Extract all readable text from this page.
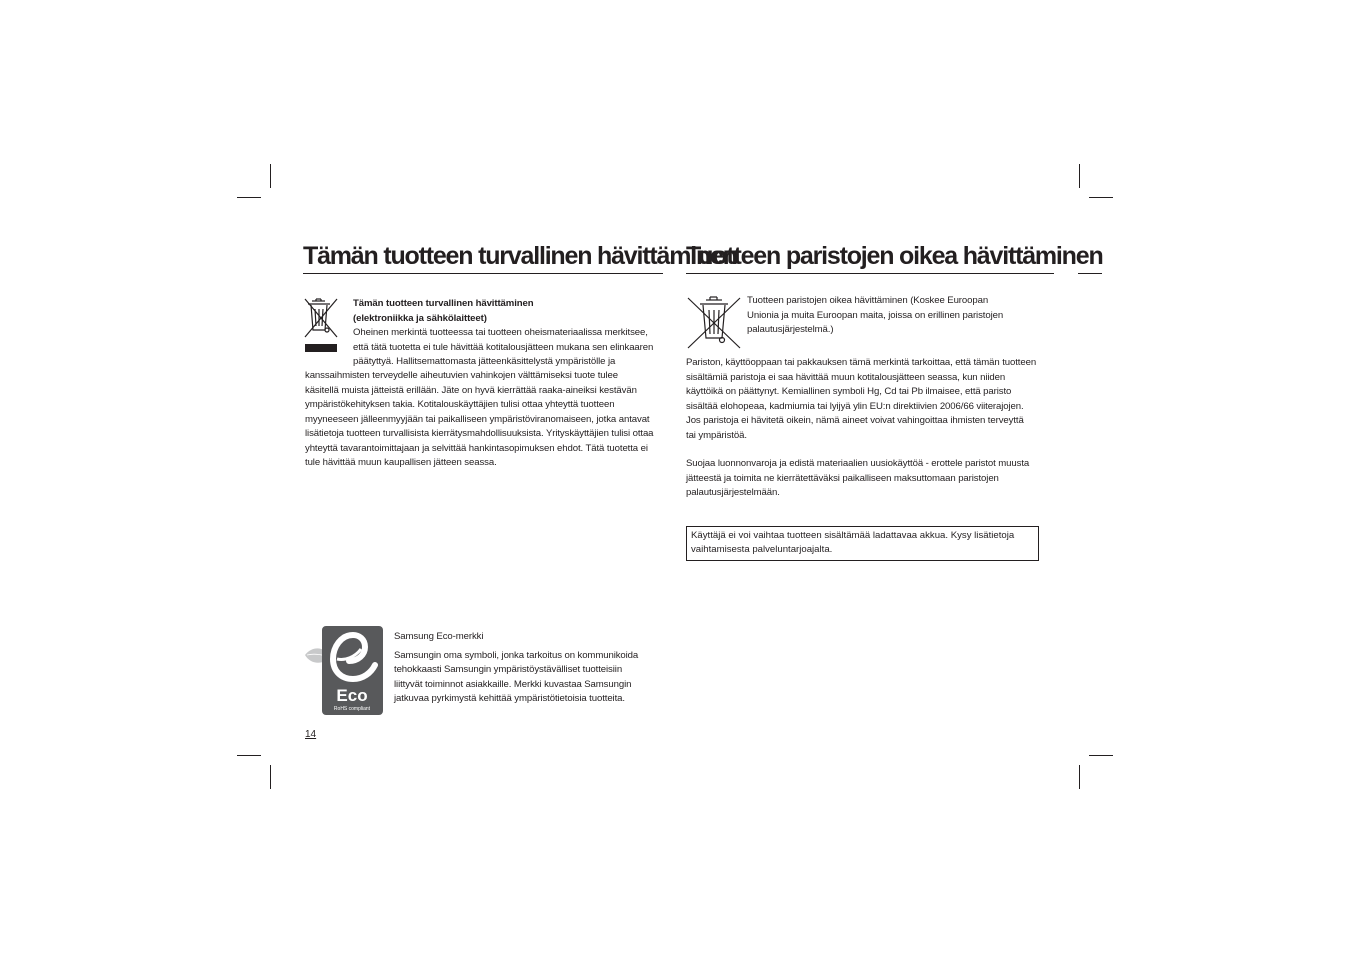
Tämän tuotteen turvallinen hävittäminen

Tämän tuotteen turvallinen hävittäminen

(elektroniikka ja sähkölaitteet)

Oheinen merkintä tuotteessa tai tuotteen oheismateriaalissa merkitsee,

että tätä tuotetta ei tule hävittää kotitalousjätteen mukana sen elinkaaren

päätyttyä. Hallitsemattomasta jätteenkäsittelystä ympäristölle ja

kanssaihmisten terveydelle aiheutuvien vahinkojen välttämiseksi tuote tulee

käsitellä muista jätteistä erillään. Jäte on hyvä kierrättää raaka-aineiksi kestävän

ympäristökehityksen takia. Kotitalouskäyttäjien tulisi ottaa yhteyttä tuotteen

myyneeseen jälleenmyyjään tai paikalliseen ympäristöviranomaiseen, jotka antavat

lisätietoja tuotteen turvallisista kierrätysmahdollisuuksista. Yrityskäyttäjien tulisi ottaa

yhteyttä tavarantoimittajaan ja selvittää hankintasopimuksen ehdot. Tätä tuotetta ei

tule hävittää muun kaupallisen jätteen seassa.

Tuotteen paristojen oikea hävittäminen

Tuotteen paristojen oikea hävittäminen (Koskee Euroopan

Unionia ja muita Euroopan maita, joissa on erillinen paristojen

palautusjärjestelmä.)

Pariston, käyttöoppaan tai pakkauksen tämä merkintä tarkoittaa, että tämän tuotteen

sisältämiä paristoja ei saa hävittää muun kotitalousjätteen seassa, kun niiden

käyttöikä on päättynyt. Kemiallinen symboli Hg, Cd tai Pb ilmaisee, että paristo

sisältää elohopeaa, kadmiumia tai lyijyä ylin EU:n direktiivien 2006/66 viiterajojen.

Jos paristoja ei hävitetä oikein, nämä aineet voivat vahingoittaa ihmisten terveyttä

tai ympäristöä.

Suojaa luonnonvaroja ja edistä materiaalien uusiokäyttöä - erottele paristot muusta

jätteestä ja toimita ne kierrätettäväksi paikalliseen maksuttomaan paristojen

palautusjärjestelmään.

Käyttäjä ei voi vaihtaa tuotteen sisältämää ladattavaa akkua. Kysy lisätietoja
vaihtamisesta palveluntarjoajalta.
Eco
RoHS compliant

Samsung Eco-merkki

Samsungin oma symboli, jonka tarkoitus on kommunikoida

tehokkaasti Samsungin ympäristöystävälliset tuotteisiin

liittyvät toiminnot asiakkaille. Merkki kuvastaa Samsungin

jatkuvaa pyrkimystä kehittää ympäristötietoisia tuotteita.

14
